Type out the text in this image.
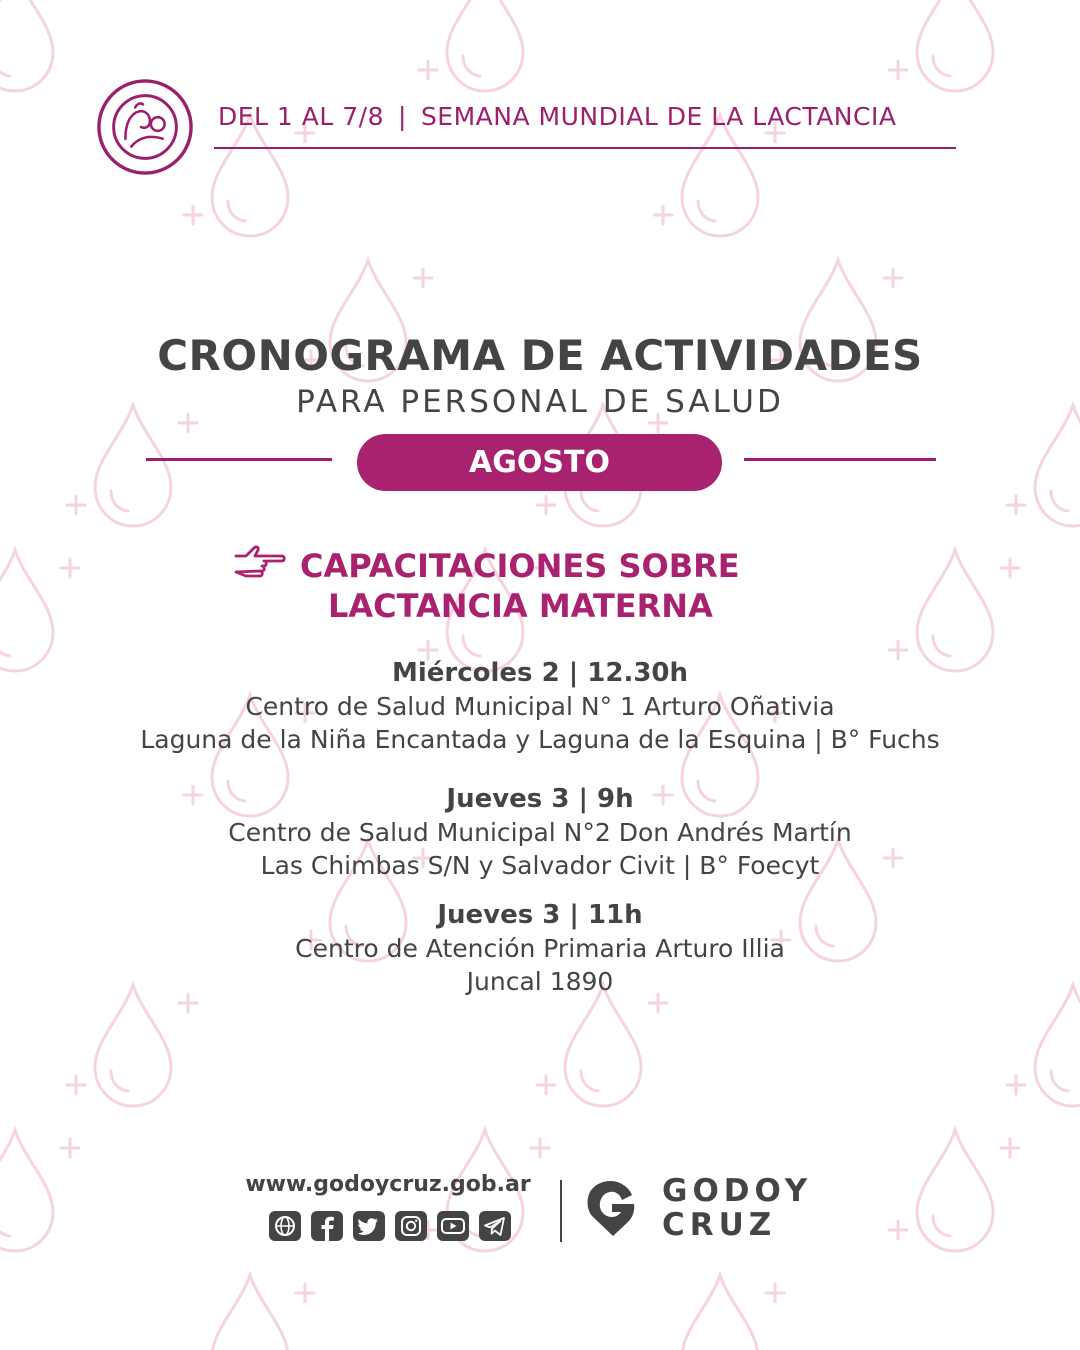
DEL 1 AL 7/8 | SEMANA MUNDIAL DE LA LACTANCIA
CRONOGRAMA DE ACTIVIDADES
PARA PERSONAL DE SALUD
AGOSTO
CAPACITACIONES SOBRE
LACTANCIA MATERNA
Miércoles 2 | 12.30h
Centro de Salud Municipal N° 1 Arturo Oñativia
Laguna de la Niña Encantada y Laguna de la Esquina | B° Fuchs
Jueves 3 | 9h
Centro de Salud Municipal N°2 Don Andrés Martín
Las Chimbas S/N y Salvador Civit | B° Foecyt
Jueves 3 | 11h
Centro de Atención Primaria Arturo Illia
Juncal 1890
www.godoycruz.gob.ar	GODOY
CRUZ
